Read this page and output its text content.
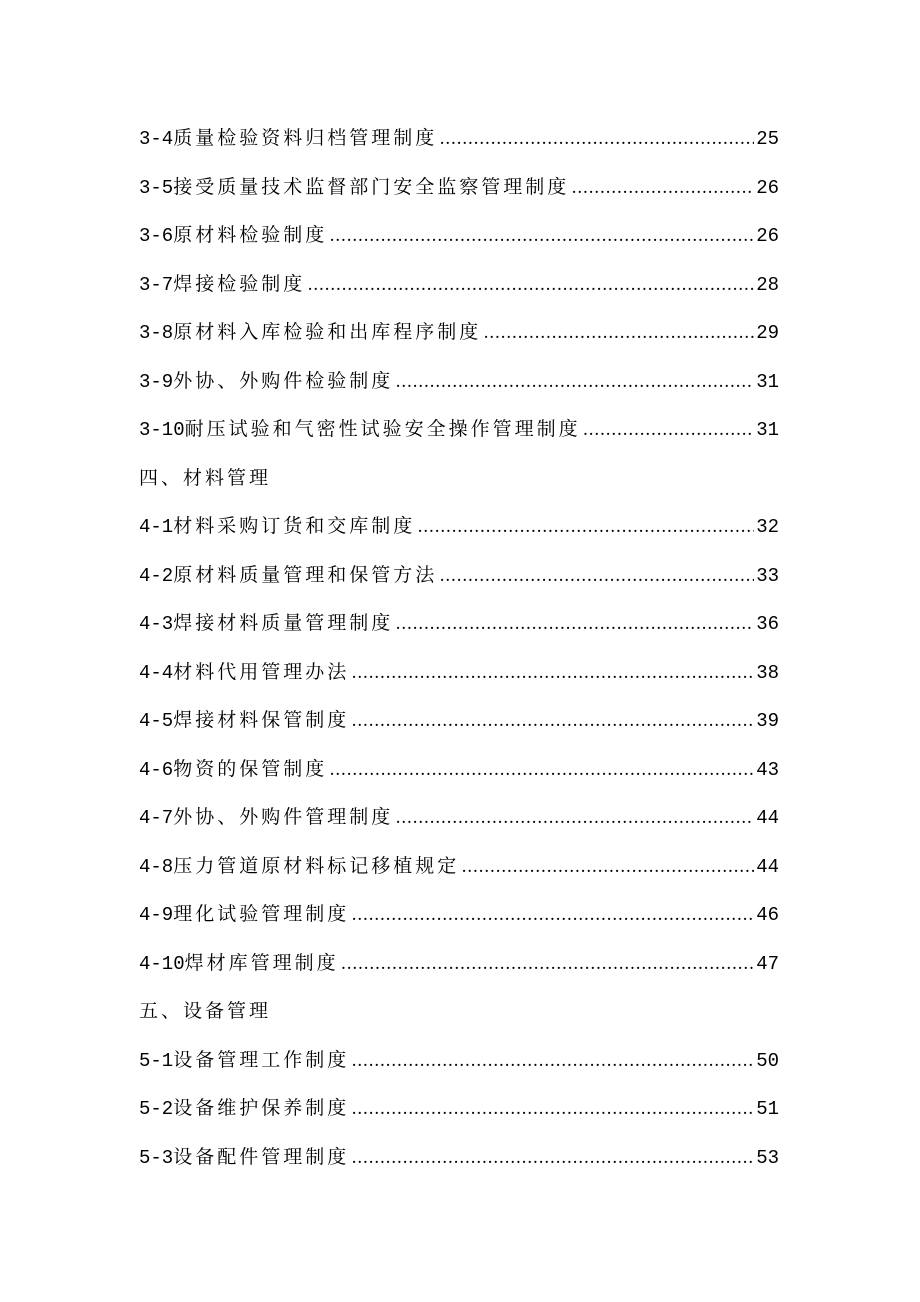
3-4 质量检验资料归档管理制度 ……………………………………………………………………………………………………………………………………	25
3-5 接受质量技术监督部门安全监察管理制度 ……………………………………………………………………………………………………………………………………	26
3-6 原材料检验制度 ……………………………………………………………………………………………………………………………………	26
3-7 焊接检验制度 ……………………………………………………………………………………………………………………………………	28
3-8 原材料入库检验和出库程序制度 ……………………………………………………………………………………………………………………………………	29
3-9 外协、外购件检验制度 ……………………………………………………………………………………………………………………………………	31
3-10 耐压试验和气密性试验安全操作管理制度 ……………………………………………………………………………………………………………………………………	31
四、材料管理
4-1 材料采购订货和交库制度 ……………………………………………………………………………………………………………………………………	32
4-2 原材料质量管理和保管方法 ……………………………………………………………………………………………………………………………………	33
4-3 焊接材料质量管理制度 ……………………………………………………………………………………………………………………………………	36
4-4 材料代用管理办法 ……………………………………………………………………………………………………………………………………	38
4-5 焊接材料保管制度 ……………………………………………………………………………………………………………………………………	39
4-6 物资的保管制度 ……………………………………………………………………………………………………………………………………	43
4-7 外协、外购件管理制度 ……………………………………………………………………………………………………………………………………	44
4-8 压力管道原材料标记移植规定 ……………………………………………………………………………………………………………………………………	44
4-9 理化试验管理制度 ……………………………………………………………………………………………………………………………………	46
4-10 焊材库管理制度 ……………………………………………………………………………………………………………………………………	47
五、设备管理
5-1 设备管理工作制度 ……………………………………………………………………………………………………………………………………	50
5-2 设备维护保养制度 ……………………………………………………………………………………………………………………………………	51
5-3 设备配件管理制度 ……………………………………………………………………………………………………………………………………	53
